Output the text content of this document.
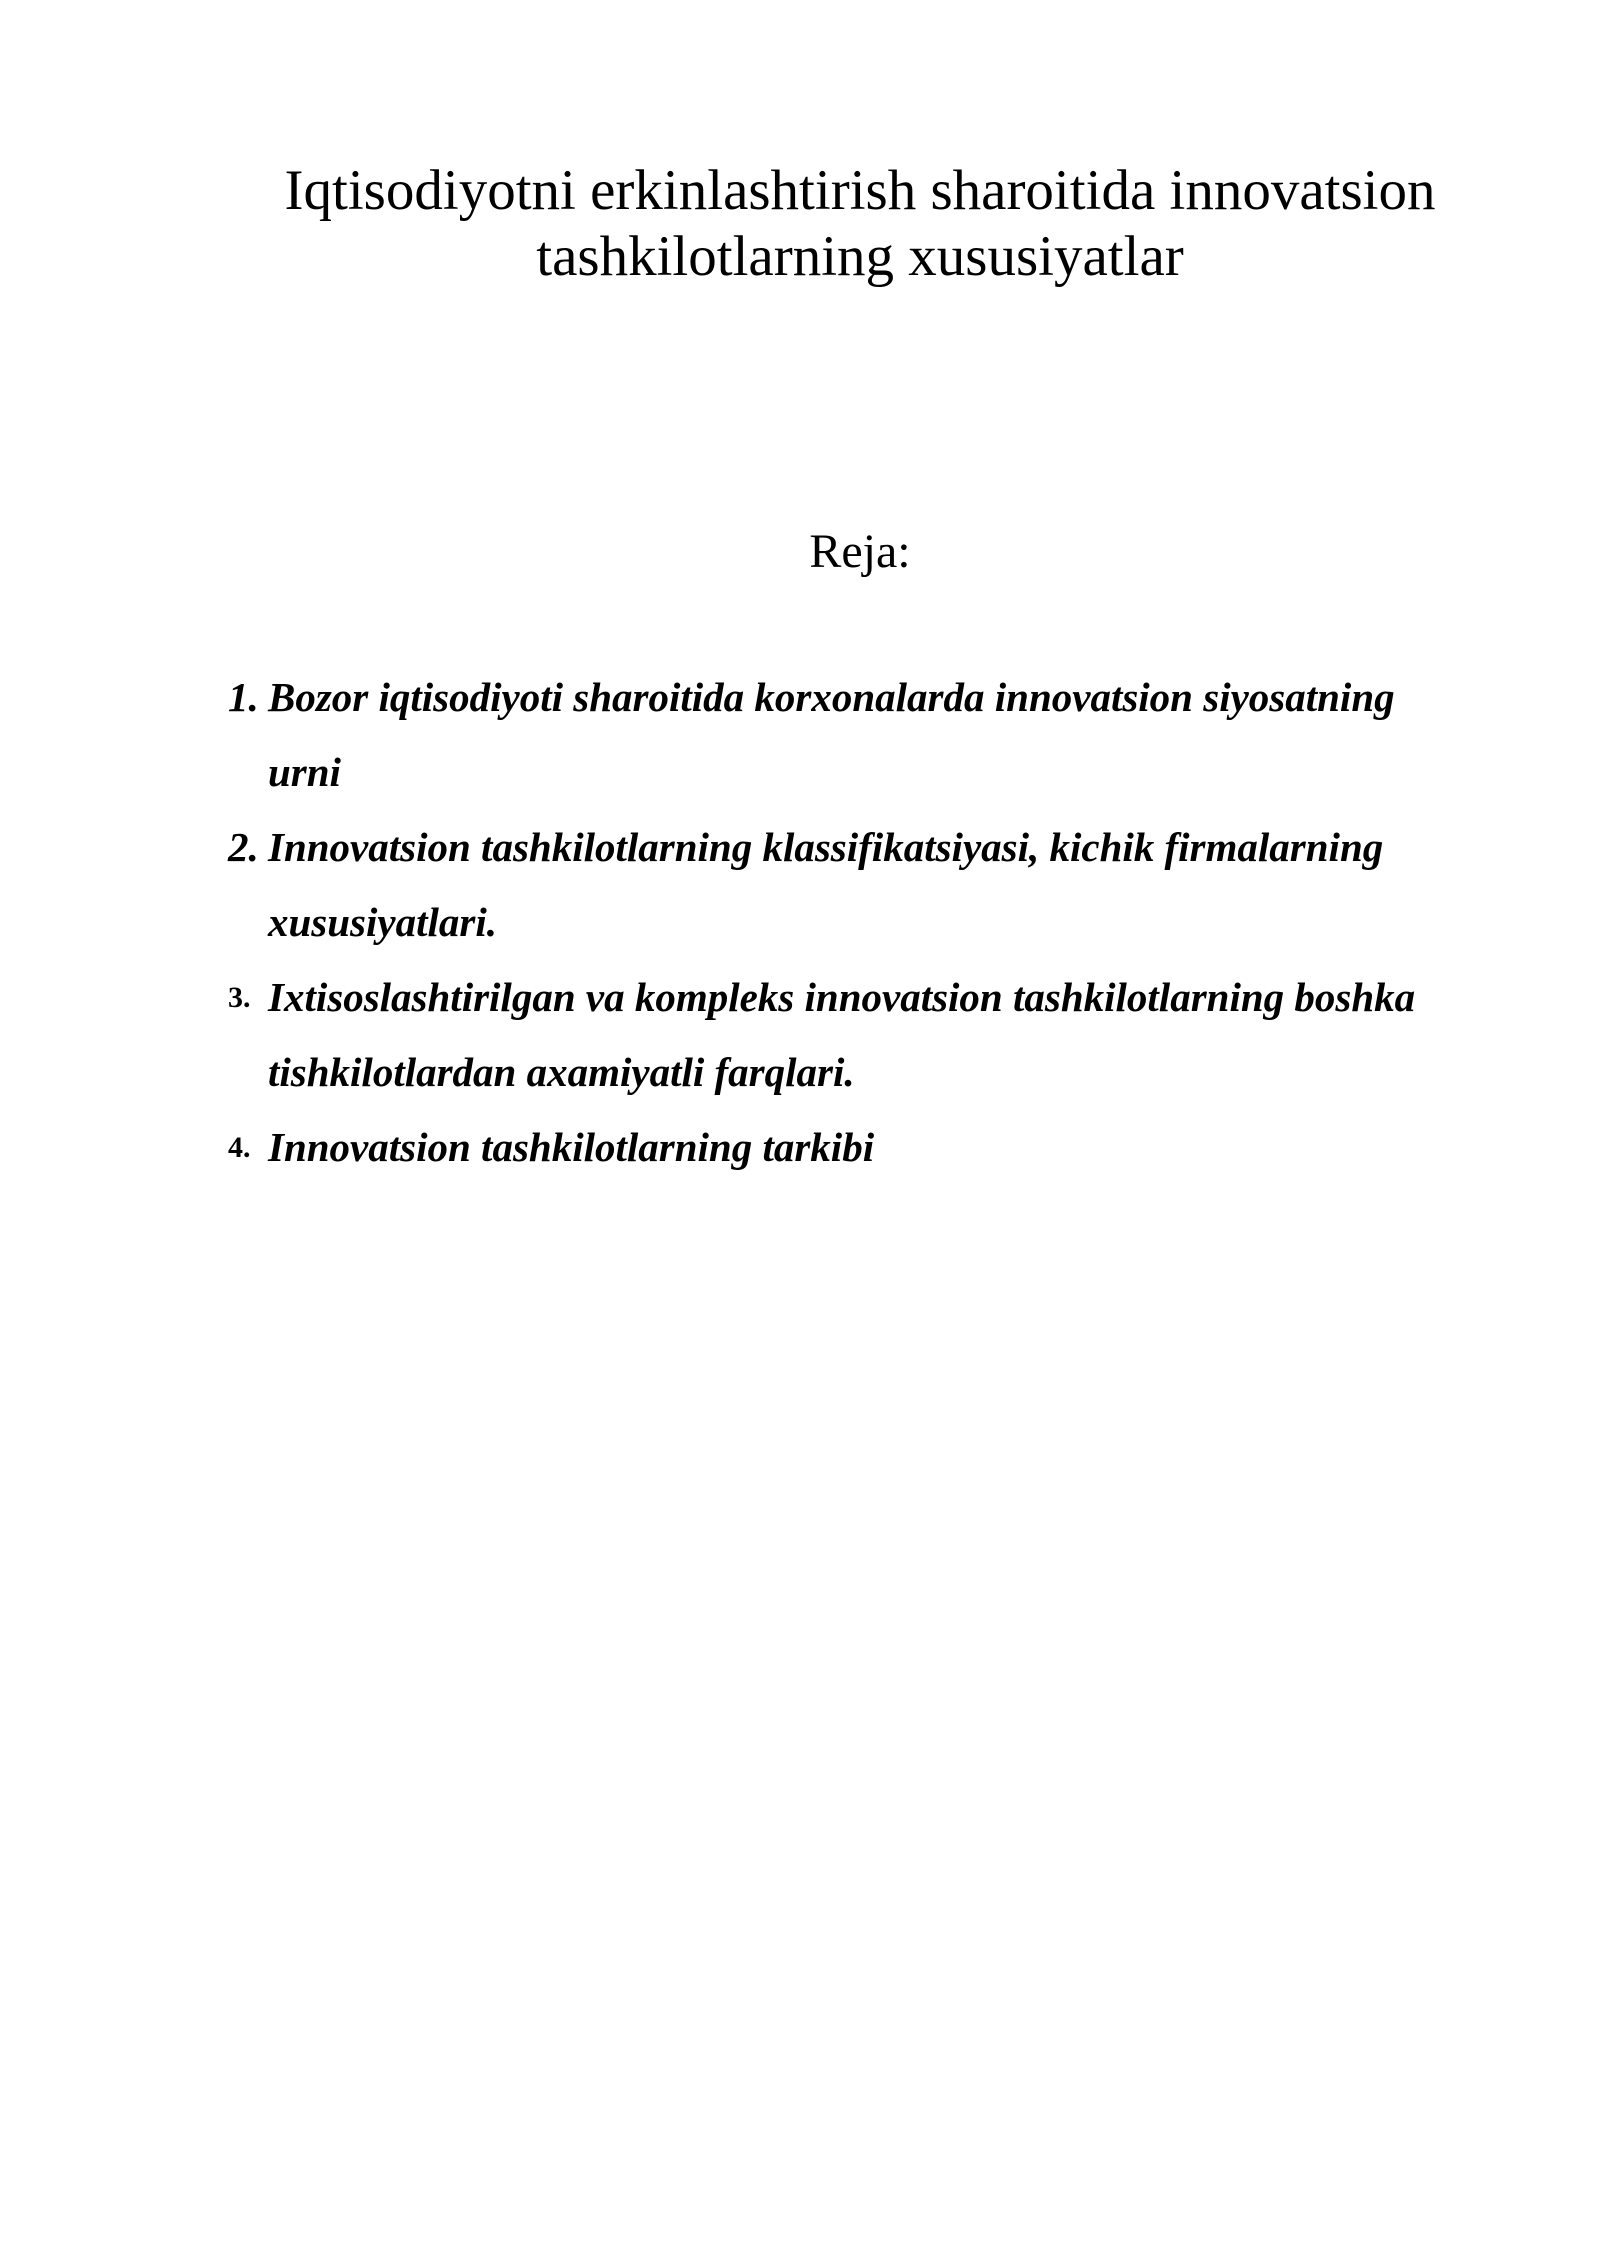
Iqtisodiyotni erkinlashtirish sharoitida innovatsion
tashkilotlarning xususiyatlar
Reja:
1. Bozor iqtisodiyoti sharoitida korxonalarda innovatsion siyosatning
urni
2. Innovatsion tashkilotlarning klassifikatsiyasi, kichik firmalarning
xususiyatlari.
3. Ixtisoslashtirilgan va kompleks innovatsion tashkilotlarning boshka
tishkilotlardan axamiyatli farqlari.
4. Innovatsion tashkilotlarning tarkibi
